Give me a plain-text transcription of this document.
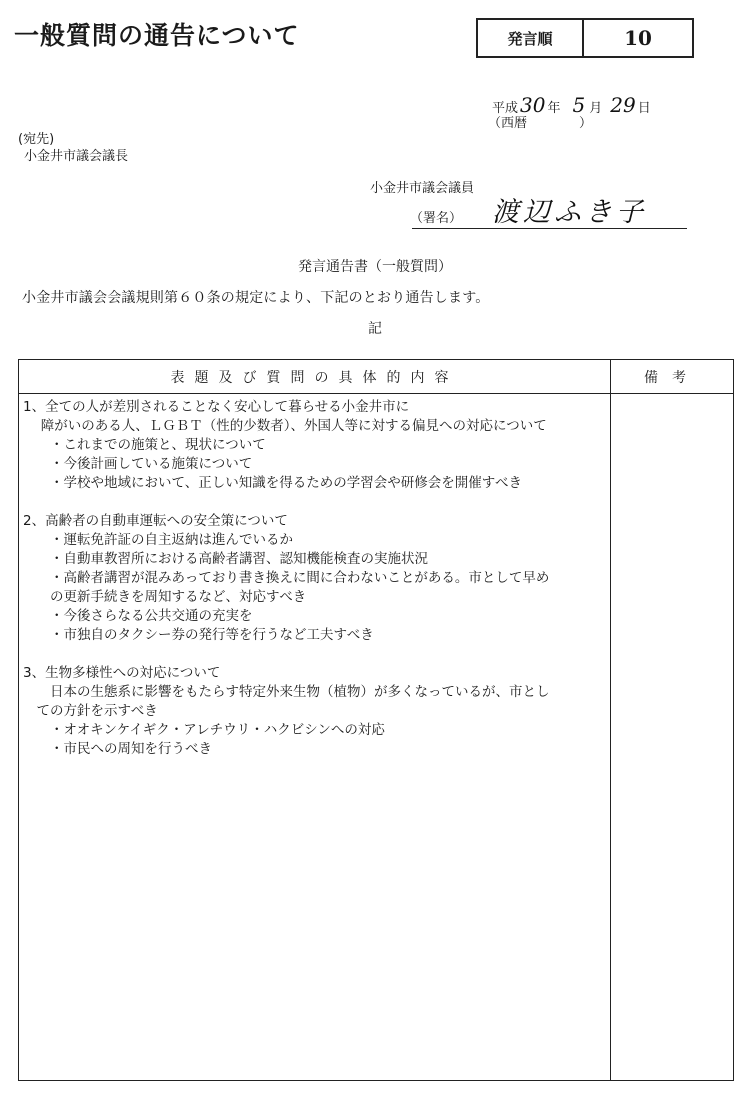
一般質問の通告について	発言順	10
平成 30 年 5 月 29 日
（西暦　　　　）
(宛先)
小金井市議会議長
小金井市議会議員
（署名） 渡辺ふき子
発言通告書（一般質問）
小金井市議会会議規則第６０条の規定により、下記のとおり通告します。
記
表題及び質問の具体的内容	備考
1、全ての人が差別されることなく安心して暮らせる小金井市に
　 障がいのある人、ＬＧＢＴ（性的少数者）、外国人等に対する偏見への対応について
　　・これまでの施策と、現状について
　　・今後計画している施策について
　　・学校や地域において、正しい知識を得るための学習会や研修会を開催すべき
2、高齢者の自動車運転への安全策について
　　・運転免許証の自主返納は進んでいるか
　　・自動車教習所における高齢者講習、認知機能検査の実施状況
　　・高齢者講習が混みあっており書き換えに間に合わないことがある。市として早め
　　の更新手続きを周知するなど、対応すべき
　　・今後さらなる公共交通の充実を
　　・市独自のタクシー券の発行等を行うなど工夫すべき
3、生物多様性への対応について
　　日本の生態系に影響をもたらす特定外来生物（植物）が多くなっているが、市とし
　ての方針を示すべき
　　・オオキンケイギク・アレチウリ・ハクビシンへの対応
　　・市民への周知を行うべき
